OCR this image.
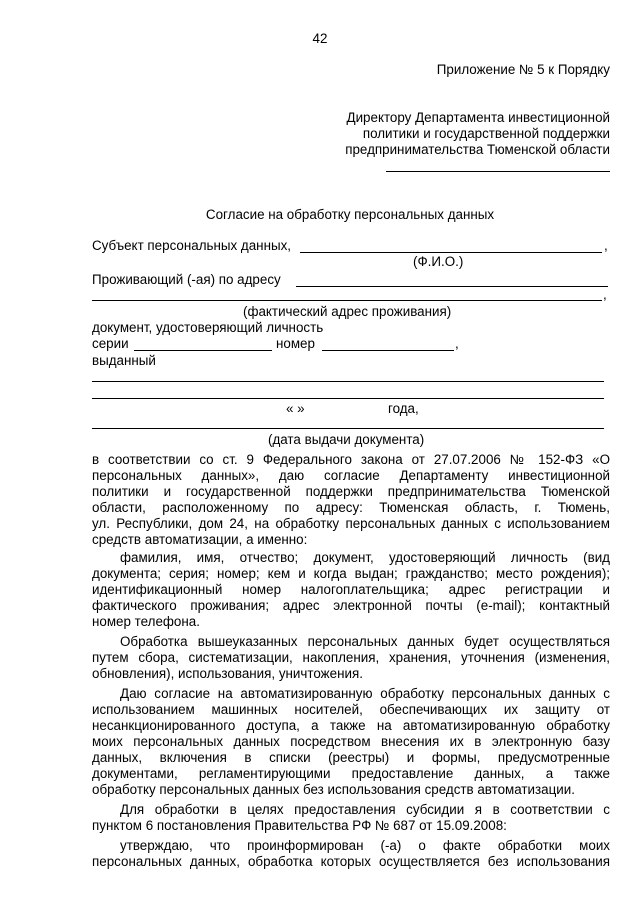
42
Приложение № 5 к Порядку
Директору Департамента инвестиционной
политики и государственной поддержки
предпринимательства Тюменской области
Согласие на обработку персональных данных
Субъект персональных данных,	,
(Ф.И.О.)
Проживающий (-ая) по адресу
,
(фактический адрес проживания)
документ, удостоверяющий личность
серии	номер	,
выданный
« »	года,
(дата выдачи документа)
в соответствии со ст. 9 Федерального закона от 27.07.2006 № 152-ФЗ «О
персональных данных», даю согласие Департаменту инвестиционной
политики и государственной поддержки предпринимательства Тюменской
области, расположенному по адресу: Тюменская область, г. Тюмень,
ул. Республики, дом 24, на обработку персональных данных с использованием
средств автоматизации, а именно:
фамилия, имя, отчество; документ, удостоверяющий личность (вид
документа; серия; номер; кем и когда выдан; гражданство; место рождения);
идентификационный номер налогоплательщика; адрес регистрации и
фактического проживания; адрес электронной почты (e-mail); контактный
номер телефона.
Обработка вышеуказанных персональных данных будет осуществляться
путем сбора, систематизации, накопления, хранения, уточнения (изменения,
обновления), использования, уничтожения.
Даю согласие на автоматизированную обработку персональных данных с
использованием машинных носителей, обеспечивающих их защиту от
несанкционированного доступа, а также на автоматизированную обработку
моих персональных данных посредством внесения их в электронную базу
данных, включения в списки (реестры) и формы, предусмотренные
документами, регламентирующими предоставление данных, а также
обработку персональных данных без использования средств автоматизации.
Для обработки в целях предоставления субсидии я в соответствии с
пунктом 6 постановления Правительства РФ № 687 от 15.09.2008:
утверждаю, что проинформирован (-а) о факте обработки моих
персональных данных, обработка которых осуществляется без использования
